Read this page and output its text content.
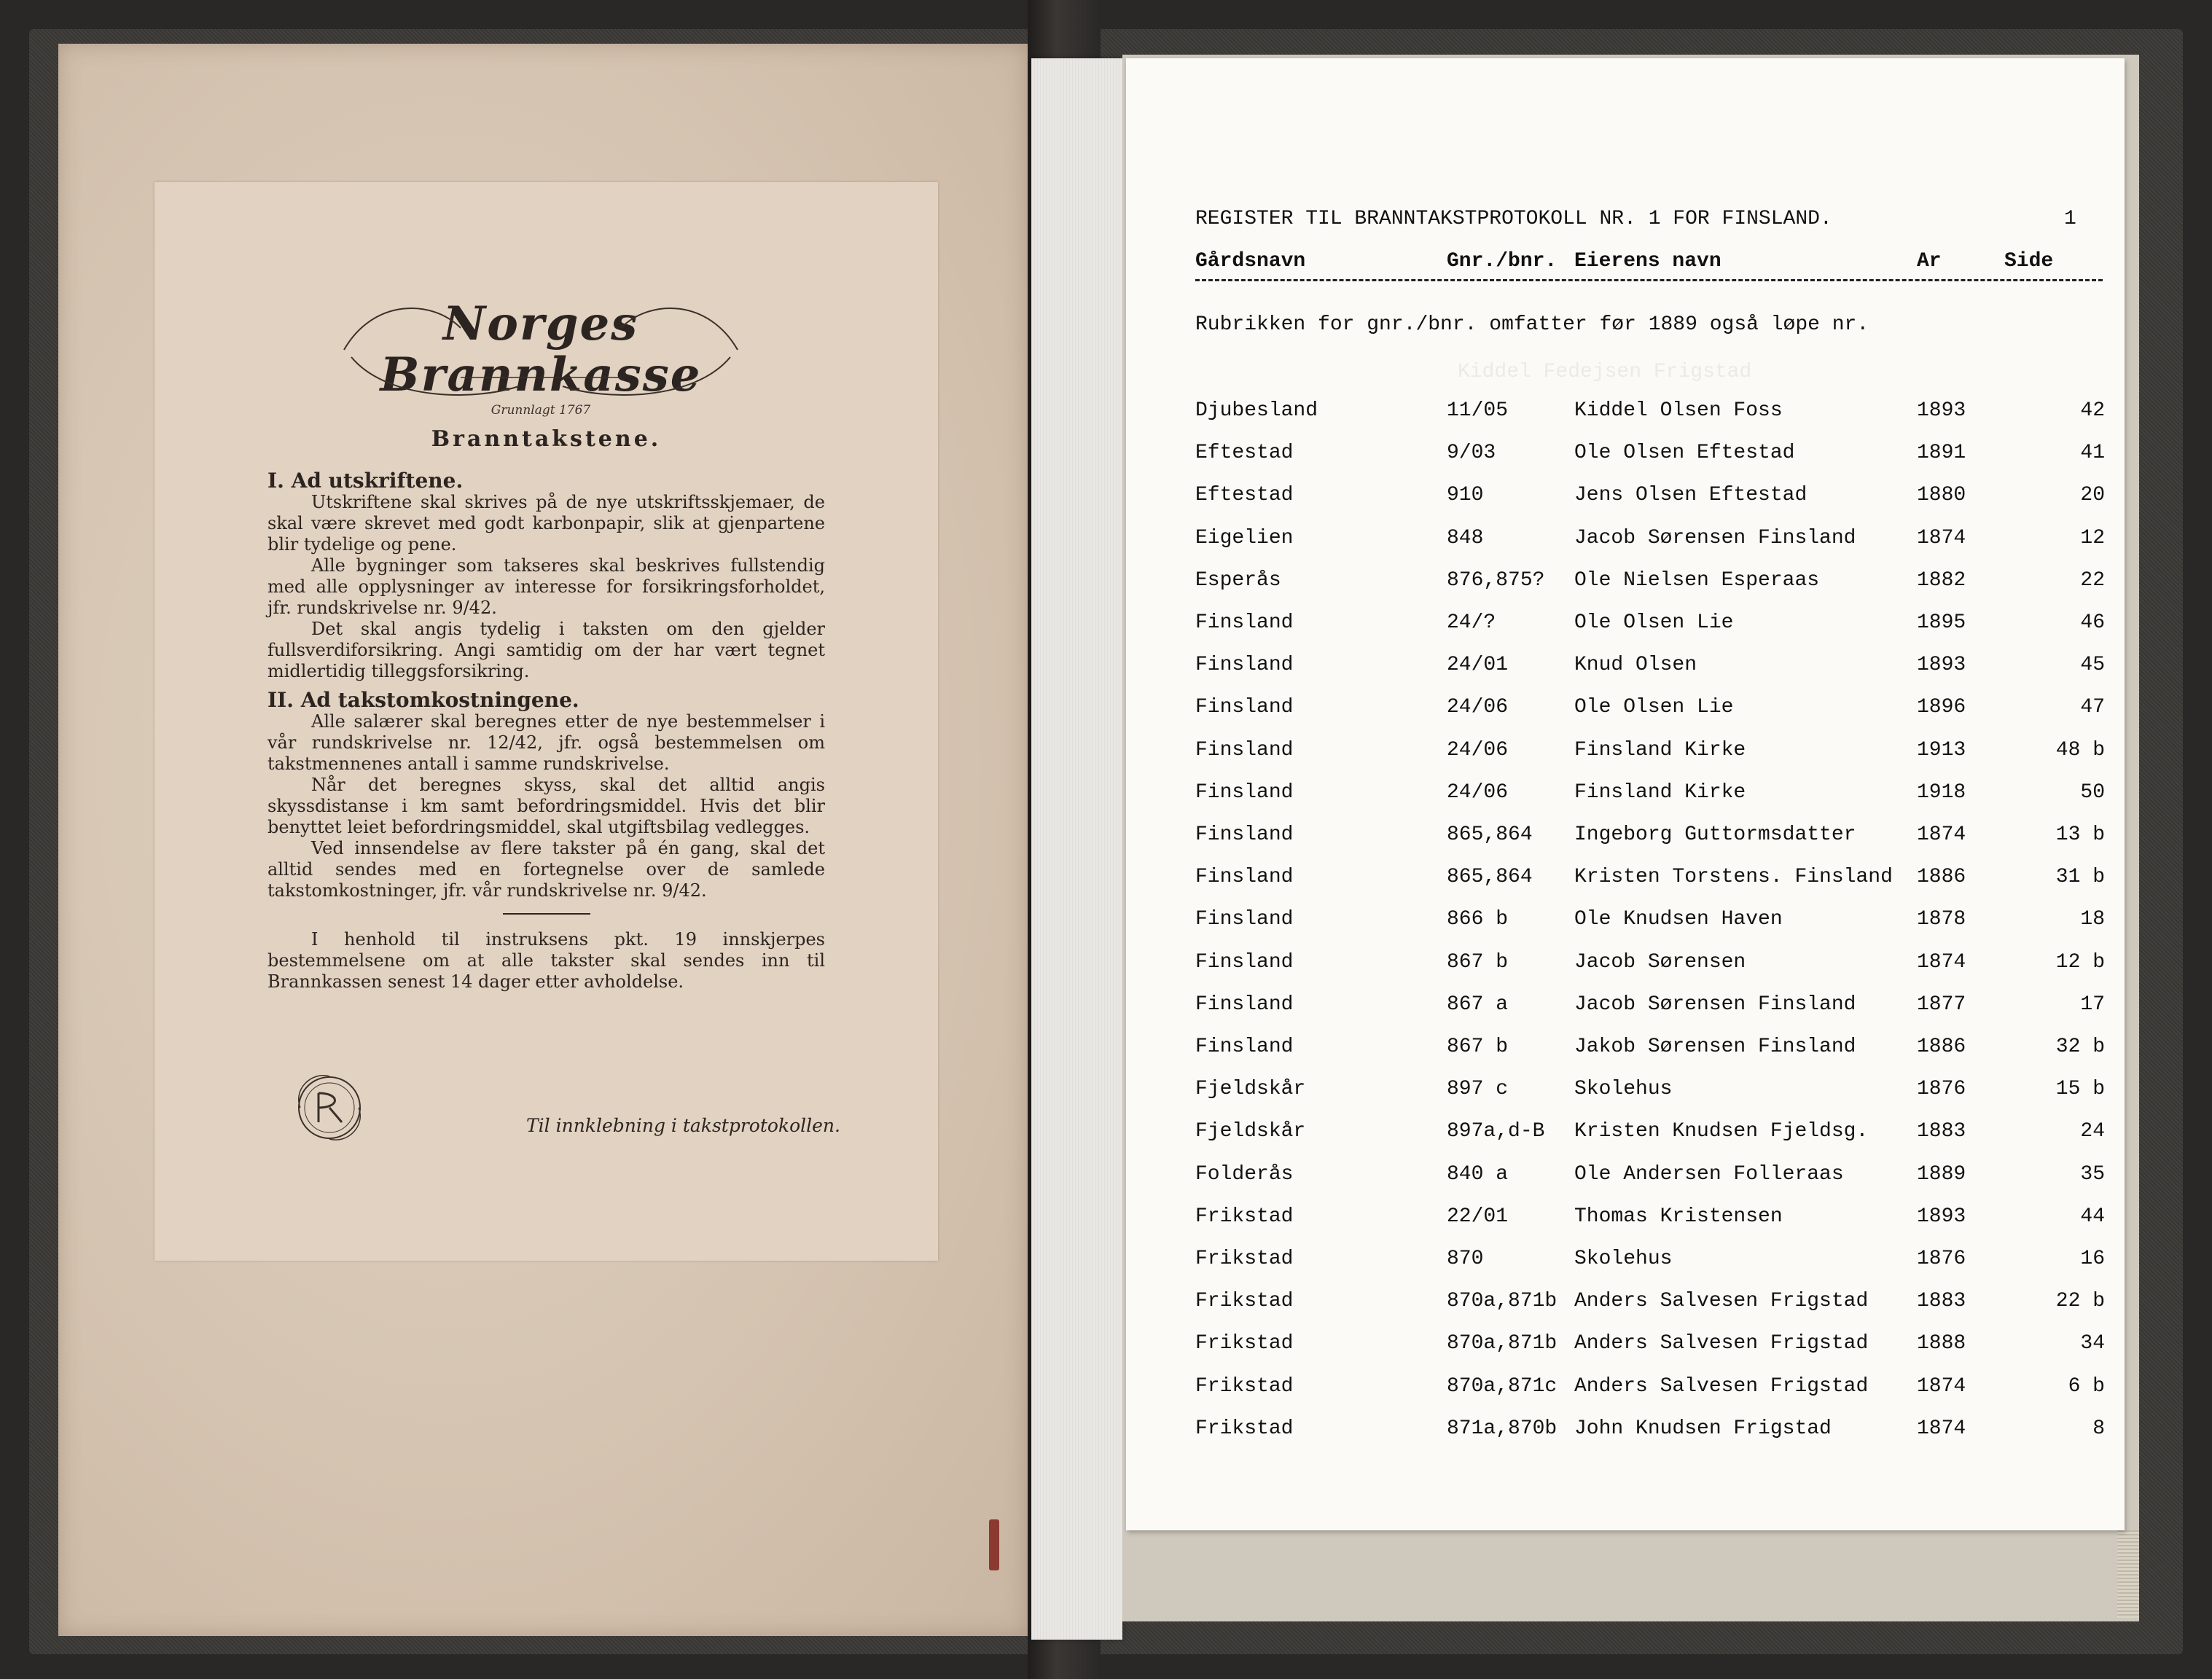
Norges Brannkasse
Grunnlagt 1767
Branntakstene.

I. Ad utskriftene.

Utskriftene skal skrives på de nye utskriftsskjemaer, de skal være skrevet med godt karbonpapir, slik at gjenpartene blir tydelige og pene.

Alle bygninger som takseres skal beskrives fullstendig med alle opplysninger av interesse for forsikringsforholdet, jfr. rundskrivelse nr. 9/42.

Det skal angis tydelig i taksten om den gjelder fullsverdiforsikring. Angi samtidig om der har vært tegnet midlertidig tilleggsforsikring.

II. Ad takstomkostningene.

Alle salærer skal beregnes etter de nye bestemmelser i vår rundskrivelse nr. 12/42, jfr. også bestemmelsen om takstmennenes antall i samme rundskrivelse.

Når det beregnes skyss, skal det alltid angis skyssdistanse i km samt befordringsmiddel. Hvis det blir benyttet leiet befordringsmiddel, skal utgiftsbilag vedlegges.

Ved innsendelse av flere takster på én gang, skal det alltid sendes med en fortegnelse over de samlede takstomkostninger, jfr. vår rundskrivelse nr. 9/42.

I henhold til instruksens pkt. 19 innskjerpes bestemmelsene om at alle takster skal sendes inn til Brannkassen senest 14 dager etter avholdelse.

Til innklebning i takstprotokollen.
Kiddel Fedejsen Frigstad
REGISTER TIL BRANNTAKSTPROTOKOLL NR. 1 FOR FINSLAND.	1
Gårdsnavn	Gnr./bnr. Eierens navn	Ar	Side
Rubrikken for gnr./bnr. omfatter før 1889 også løpe nr.
Djubesland	11/05	Kiddel Olsen Foss	1893	42
Eftestad	9/03	Ole Olsen Eftestad	1891	41
Eftestad	910	Jens Olsen Eftestad	1880	20
Eigelien	848	Jacob Sørensen Finsland	1874	12
Esperås	876,875? Ole Nielsen Esperaas	1882	22
Finsland	24/?	Ole Olsen Lie	1895	46
Finsland	24/01	Knud Olsen	1893	45
Finsland	24/06	Ole Olsen Lie	1896	47
Finsland	24/06	Finsland Kirke	1913	48 b
Finsland	24/06	Finsland Kirke	1918	50
Finsland	865,864 Ingeborg Guttormsdatter	1874	13 b
Finsland	865,864 Kristen Torstens. Finsland 1886	31 b
Finsland	866 b	Ole Knudsen Haven	1878	18
Finsland	867 b	Jacob Sørensen	1874	12 b
Finsland	867 a	Jacob Sørensen Finsland	1877	17
Finsland	867 b	Jakob Sørensen Finsland	1886	32 b
Fjeldskår	897 c	Skolehus	1876	15 b
Fjeldskår	897a,d-B Kristen Knudsen Fjeldsg. 1883	24
Folderås	840 a	Ole Andersen Folleraas	1889	35
Frikstad	22/01	Thomas Kristensen	1893	44
Frikstad	870	Skolehus	1876	16
Frikstad	870a,871b Anders Salvesen Frigstad 1883	22 b
Frikstad	870a,871b Anders Salvesen Frigstad 1888	34
Frikstad	870a,871c Anders Salvesen Frigstad 1874	6 b
Frikstad	871a,870b John Knudsen Frigstad	1874	8
